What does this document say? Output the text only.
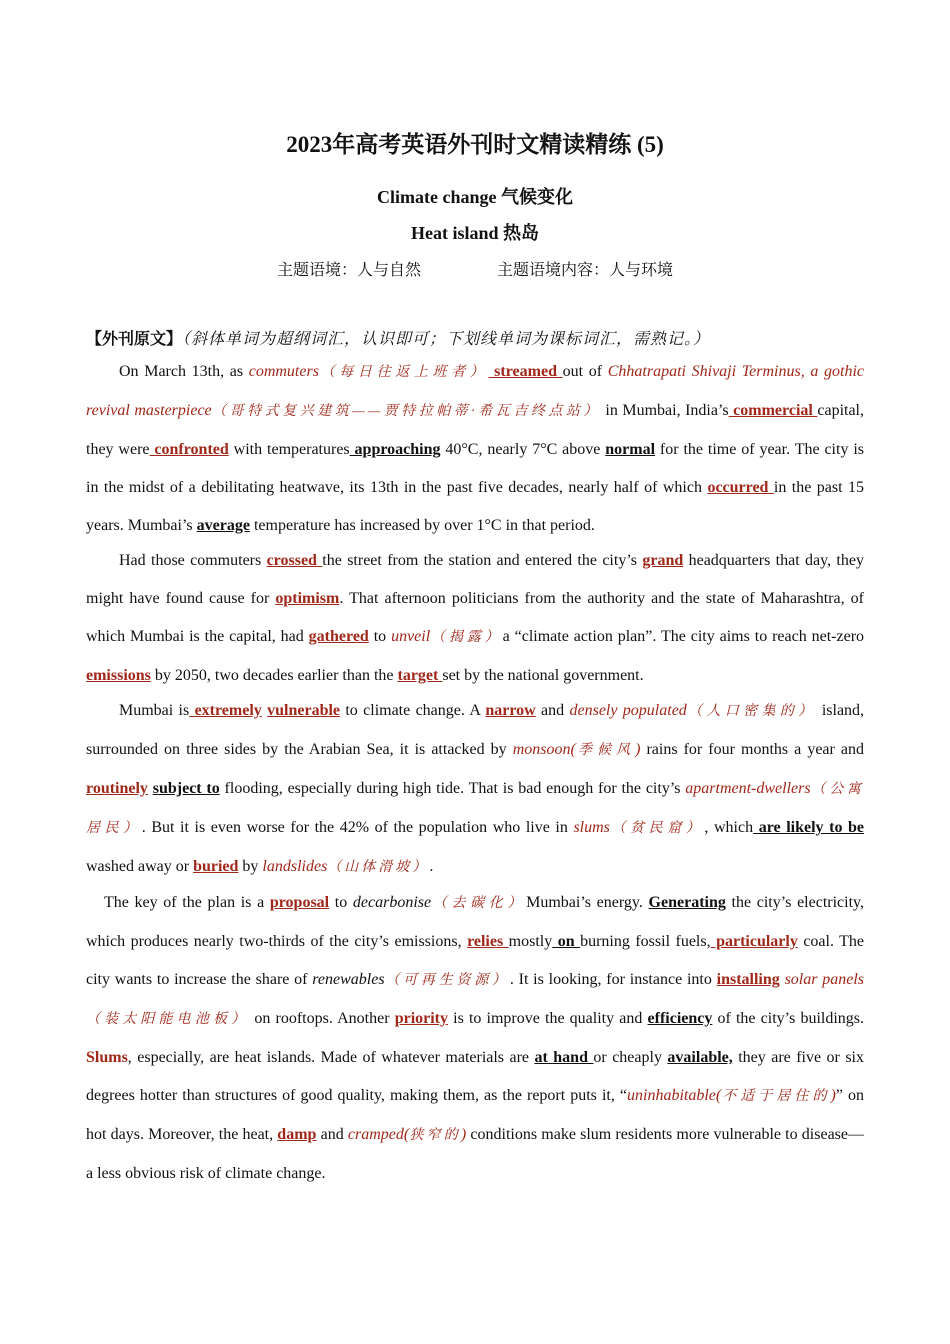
2023年高考英语外刊时文精读精练 (5)
Climate change 气候变化
Heat island 热岛
主题语境：人与自然	主题语境内容：人与环境
【外刊原文】（斜体单词为超纲词汇，认识即可；下划线单词为课标词汇，需熟记。）

On March 13th, as commuters（每日往返上班者） streamed out of Chhatrapati Shivaji Terminus, a gothic revival masterpiece（哥特式复兴建筑——贾特拉帕蒂·希瓦吉终点站） in Mumbai, India’s commercial capital, they were confronted with temperatures approaching 40°C, nearly 7°C above normal for the time of year. The city is in the midst of a debilitating heatwave, its 13th in the past five decades, nearly half of which occurred in the past 15 years. Mumbai’s average temperature has increased by over 1°C in that period.

Had those commuters crossed the street from the station and entered the city’s grand headquarters that day, they might have found cause for optimism. That afternoon politicians from the authority and the state of Maharashtra, of which Mumbai is the capital, had gathered to unveil（揭露）a “climate action plan”. The city aims to reach net-zero emissions by 2050, two decades earlier than the target set by the national government.

Mumbai is extremely vulnerable to climate change. A narrow and densely populated（人口密集的） island, surrounded on three sides by the Arabian Sea, it is attacked by monsoon(季候风) rains for four months a year and routinely subject to flooding, especially during high tide. That is bad enough for the city’s apartment-dwellers（公寓居民）. But it is even worse for the 42% of the population who live in slums（贫民窟）, which are likely to be washed away or buried by landslides（山体滑坡）.

The key of the plan is a proposal to decarbonise（去碳化）Mumbai’s energy. Generating the city’s electricity, which produces nearly two-thirds of the city’s emissions, relies mostly on burning fossil fuels, particularly coal. The city wants to increase the share of renewables（可再生资源）. It is looking, for instance into installing solar panels（装太阳能电池板） on rooftops. Another priority is to improve the quality and efficiency of the city’s buildings. Slums, especially, are heat islands. Made of whatever materials are at hand or cheaply available, they are five or six degrees hotter than structures of good quality, making them, as the report puts it, “uninhabitable(不适于居住的)” on hot days. Moreover, the heat, damp and cramped(狭窄的) conditions make slum residents more vulnerable to disease—a less obvious risk of climate change.
